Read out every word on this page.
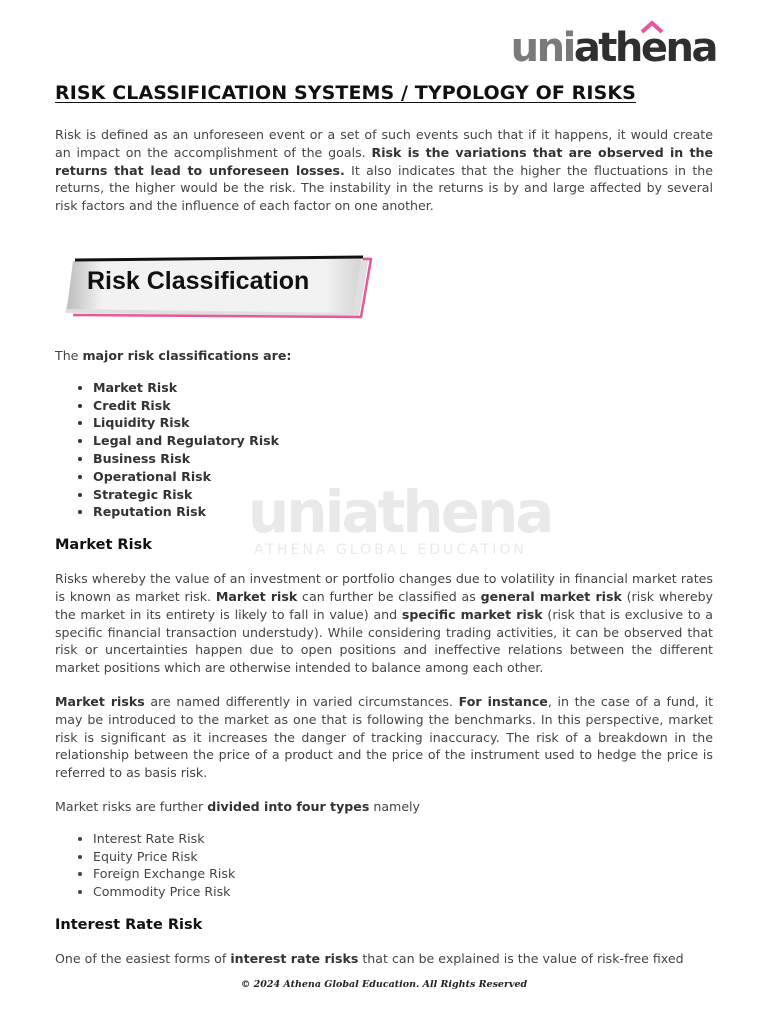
uniathena
uniathena
ATHENA GLOBAL EDUCATION
RISK CLASSIFICATION SYSTEMS / TYPOLOGY OF RISKS

Risk is defined as an unforeseen event or a set of such events such that if it happens, it would create an impact on the accomplishment of the goals. Risk is the variations that are observed in the returns that lead to unforeseen losses. It also indicates that the higher the fluctuations in the returns, the higher would be the risk. The instability in the returns is by and large affected by several risk factors and the influence of each factor on one another.

Risk Classification

The major risk classifications are:

• Market Risk
• Credit Risk
• Liquidity Risk
• Legal and Regulatory Risk
• Business Risk
• Operational Risk
• Strategic Risk
• Reputation Risk
Market Risk

Risks whereby the value of an investment or portfolio changes due to volatility in financial market rates is known as market risk. Market risk can further be classified as general market risk (risk whereby the market in its entirety is likely to fall in value) and specific market risk (risk that is exclusive to a specific financial transaction understudy). While considering trading activities, it can be observed that risk or uncertainties happen due to open positions and ineffective relations between the different market positions which are otherwise intended to balance among each other.

Market risks are named differently in varied circumstances. For instance, in the case of a fund, it may be introduced to the market as one that is following the benchmarks. In this perspective, market risk is significant as it increases the danger of tracking inaccuracy. The risk of a breakdown in the relationship between the price of a product and the price of the instrument used to hedge the price is referred to as basis risk.

Market risks are further divided into four types namely

• Interest Rate Risk
• Equity Price Risk
• Foreign Exchange Risk
• Commodity Price Risk
Interest Rate Risk

One of the easiest forms of interest rate risks that can be explained is the value of risk-free fixed

© 2024 Athena Global Education. All Rights Reserved
